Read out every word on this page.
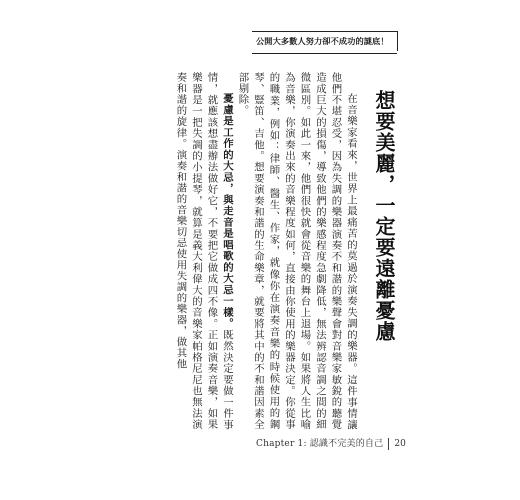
公開大多數人努力卻不成功的謎底！
想要美麗，一定要遠離憂慮

在音樂家看來，世界上最痛苦的莫過於演奏失調的樂器。這件事情讓他們不堪忍受，因為失調的樂器演奏不和諧的樂聲會對音樂家敏銳的聽覺造成巨大的損傷，導致他們的樂感程度急劇降低，無法辨認音調之間的細微區別。如此一來，他們很快就會從音樂的舞台上退場。如果將人生比喻為音樂，你演奏出來的音樂程度如何，直接由你使用的樂器決定。你從事的職業，例如：律師、醫生、作家，就像你在演奏音樂的時候使用的鋼琴、豎笛、吉他。想要演奏和諧的生命樂章，就要將其中的不和諧因素全部剔除。

憂慮是工作的大忌，與走音是唱歌的大忌一樣。既然決定要做一件事情，就應該想盡辦法做好它，不要把它做成四不像。正如演奏音樂，如果樂器是一把失調的小提琴，就算是義大利偉大的音樂家帕格尼尼也無法演奏和諧的旋律。演奏和諧的音樂切忌使用失調的樂器，做其他

Chapter 1: 認識不完美的自己 20
